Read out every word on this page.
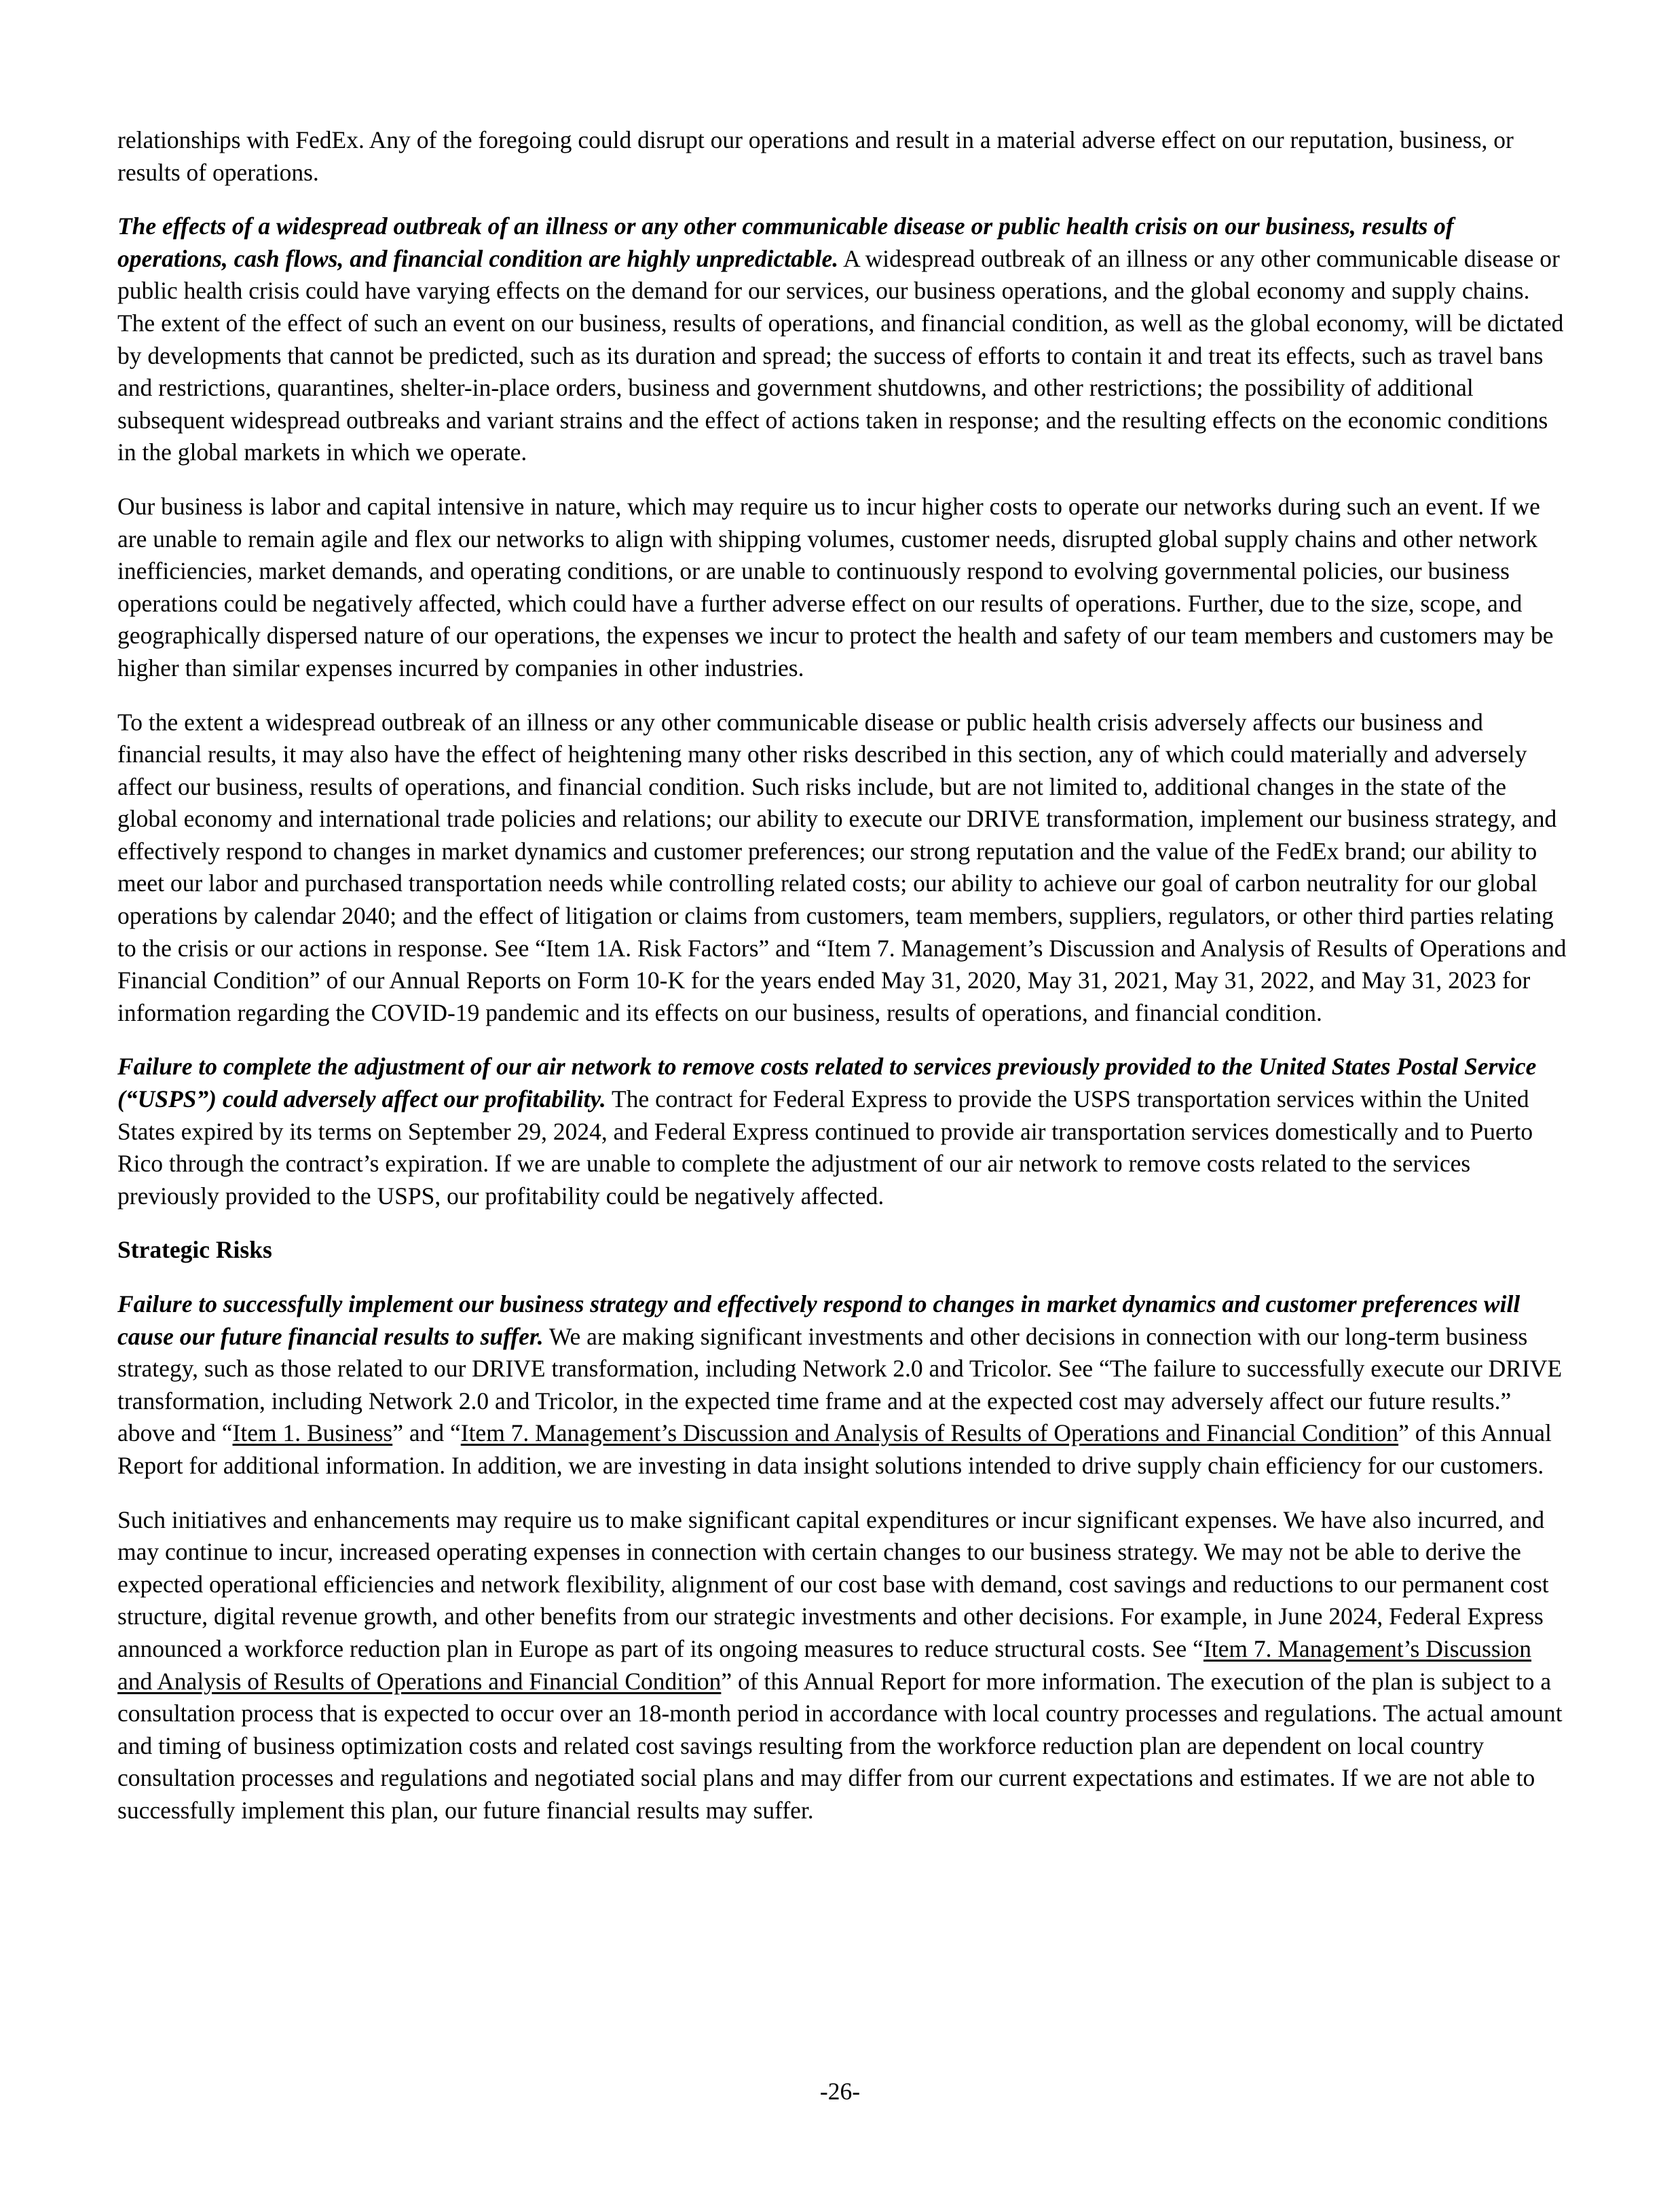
relationships with FedEx. Any of the foregoing could disrupt our operations and result in a material adverse effect on our reputation, business, or results of operations.

The effects of a widespread outbreak of an illness or any other communicable disease or public health crisis on our business, results of operations, cash flows, and financial condition are highly unpredictable. A widespread outbreak of an illness or any other communicable disease or public health crisis could have varying effects on the demand for our services, our business operations, and the global economy and supply chains. The extent of the effect of such an event on our business, results of operations, and financial condition, as well as the global economy, will be dictated by developments that cannot be predicted, such as its duration and spread; the success of efforts to contain it and treat its effects, such as travel bans and restrictions, quarantines, shelter-in-place orders, business and government shutdowns, and other restrictions; the possibility of additional subsequent widespread outbreaks and variant strains and the effect of actions taken in response; and the resulting effects on the economic conditions in the global markets in which we operate.

Our business is labor and capital intensive in nature, which may require us to incur higher costs to operate our networks during such an event. If we are unable to remain agile and flex our networks to align with shipping volumes, customer needs, disrupted global supply chains and other network inefficiencies, market demands, and operating conditions, or are unable to continuously respond to evolving governmental policies, our business operations could be negatively affected, which could have a further adverse effect on our results of operations. Further, due to the size, scope, and geographically dispersed nature of our operations, the expenses we incur to protect the health and safety of our team members and customers may be higher than similar expenses incurred by companies in other industries.

To the extent a widespread outbreak of an illness or any other communicable disease or public health crisis adversely affects our business and financial results, it may also have the effect of heightening many other risks described in this section, any of which could materially and adversely affect our business, results of operations, and financial condition. Such risks include, but are not limited to, additional changes in the state of the global economy and international trade policies and relations; our ability to execute our DRIVE transformation, implement our business strategy, and effectively respond to changes in market dynamics and customer preferences; our strong reputation and the value of the FedEx brand; our ability to meet our labor and purchased transportation needs while controlling related costs; our ability to achieve our goal of carbon neutrality for our global operations by calendar 2040; and the effect of litigation or claims from customers, team members, suppliers, regulators, or other third parties relating to the crisis or our actions in response. See “Item 1A. Risk Factors” and “Item 7. Management’s Discussion and Analysis of Results of Operations and Financial Condition” of our Annual Reports on Form 10-K for the years ended May 31, 2020, May 31, 2021, May 31, 2022, and May 31, 2023 for information regarding the COVID-19 pandemic and its effects on our business, results of operations, and financial condition.

Failure to complete the adjustment of our air network to remove costs related to services previously provided to the United States Postal Service (“USPS”) could adversely affect our profitability. The contract for Federal Express to provide the USPS transportation services within the United States expired by its terms on September 29, 2024, and Federal Express continued to provide air transportation services domestically and to Puerto Rico through the contract’s expiration. If we are unable to complete the adjustment of our air network to remove costs related to the services previously provided to the USPS, our profitability could be negatively affected.

Strategic Risks

Failure to successfully implement our business strategy and effectively respond to changes in market dynamics and customer preferences will cause our future financial results to suffer. We are making significant investments and other decisions in connection with our long-term business strategy, such as those related to our DRIVE transformation, including Network 2.0 and Tricolor. See “The failure to successfully execute our DRIVE transformation, including Network 2.0 and Tricolor, in the expected time frame and at the expected cost may adversely affect our future results.” above and “Item 1. Business” and “Item 7. Management’s Discussion and Analysis of Results of Operations and Financial Condition” of this Annual Report for additional information. In addition, we are investing in data insight solutions intended to drive supply chain efficiency for our customers.

Such initiatives and enhancements may require us to make significant capital expenditures or incur significant expenses. We have also incurred, and may continue to incur, increased operating expenses in connection with certain changes to our business strategy. We may not be able to derive the expected operational efficiencies and network flexibility, alignment of our cost base with demand, cost savings and reductions to our permanent cost structure, digital revenue growth, and other benefits from our strategic investments and other decisions. For example, in June 2024, Federal Express announced a workforce reduction plan in Europe as part of its ongoing measures to reduce structural costs. See “Item 7. Management’s Discussion and Analysis of Results of Operations and Financial Condition” of this Annual Report for more information. The execution of the plan is subject to a consultation process that is expected to occur over an 18-month period in accordance with local country processes and regulations. The actual amount and timing of business optimization costs and related cost savings resulting from the workforce reduction plan are dependent on local country consultation processes and regulations and negotiated social plans and may differ from our current expectations and estimates. If we are not able to successfully implement this plan, our future financial results may suffer.

-26-
